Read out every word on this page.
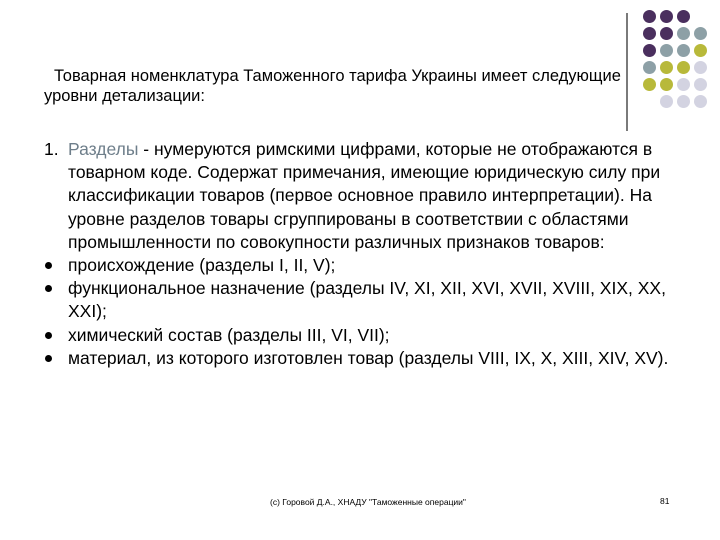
Товарная номенклатура Таможенного тарифа Украины имеет следующие уровни детализации:
1. Разделы - нумеруются римскими цифрами, которые не отображаются в товарном коде. Содержат примечания, имеющие юридическую силу при классификации товаров (первое основное правило интерпретации). На уровне разделов товары сгруппированы в соответствии с областями промышленности по совокупности различных признаков товаров:
происхождение (разделы I, II, V);
функциональное назначение (разделы IV, XI, XII, XVI, XVII, XVIII, XIX, XX, XXI);
химический состав (разделы III, VI, VII);
материал, из которого изготовлен товар (разделы VIII, IX, X, XIII, XIV, XV).
(с) Горовой Д.А., ХНАДУ "Таможенные операции"	81
